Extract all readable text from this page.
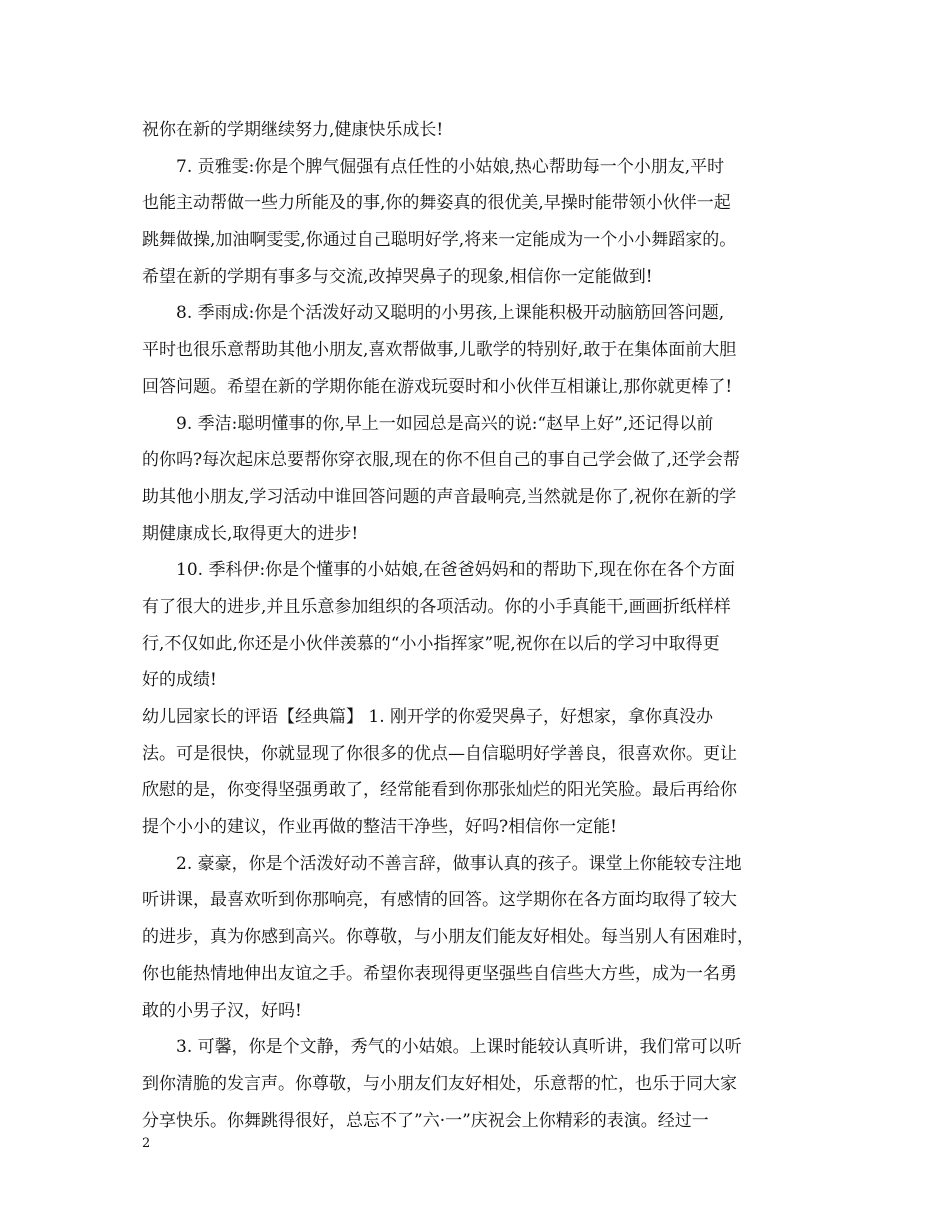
祝你在新的学期继续努力,健康快乐成长!
7. 贡雅雯:你是个脾气倔强有点任性的小姑娘,热心帮助每一个小朋友,平时
也能主动帮做一些力所能及的事,你的舞姿真的很优美,早操时能带领小伙伴一起
跳舞做操,加油啊雯雯,你通过自己聪明好学,将来一定能成为一个小小舞蹈家的。
希望在新的学期有事多与交流,改掉哭鼻子的现象,相信你一定能做到!
8. 季雨成:你是个活泼好动又聪明的小男孩,上课能积极开动脑筋回答问题,
平时也很乐意帮助其他小朋友,喜欢帮做事,儿歌学的特别好,敢于在集体面前大胆
回答问题。希望在新的学期你能在游戏玩耍时和小伙伴互相谦让,那你就更棒了!
9. 季洁:聪明懂事的你,早上一如园总是高兴的说:“赵早上好”,还记得以前
的你吗?每次起床总要帮你穿衣服,现在的你不但自己的事自己学会做了,还学会帮
助其他小朋友,学习活动中谁回答问题的声音最响亮,当然就是你了,祝你在新的学
期健康成长,取得更大的进步!
10. 季科伊:你是个懂事的小姑娘,在爸爸妈妈和的帮助下,现在你在各个方面
有了很大的进步,并且乐意参加组织的各项活动。你的小手真能干,画画折纸样样
行,不仅如此,你还是小伙伴羡慕的“小小指挥家”呢,祝你在以后的学习中取得更
好的成绩!
幼儿园家长的评语【经典篇】 1. 刚开学的你爱哭鼻子，好想家，拿你真没办
法。可是很快，你就显现了你很多的优点—自信聪明好学善良，很喜欢你。更让
欣慰的是，你变得坚强勇敢了，经常能看到你那张灿烂的阳光笑脸。最后再给你
提个小小的建议，作业再做的整洁干净些，好吗?相信你一定能!
2. 豪豪，你是个活泼好动不善言辞，做事认真的孩子。课堂上你能较专注地
听讲课，最喜欢听到你那响亮，有感情的回答。这学期你在各方面均取得了较大
的进步，真为你感到高兴。你尊敬，与小朋友们能友好相处。每当别人有困难时，
你也能热情地伸出友谊之手。希望你表现得更坚强些自信些大方些，成为一名勇
敢的小男子汉，好吗!
3. 可馨，你是个文静，秀气的小姑娘。上课时能较认真听讲，我们常可以听
到你清脆的发言声。你尊敬，与小朋友们友好相处，乐意帮的忙，也乐于同大家
分享快乐。你舞跳得很好，总忘不了”六·一”庆祝会上你精彩的表演。经过一
2
